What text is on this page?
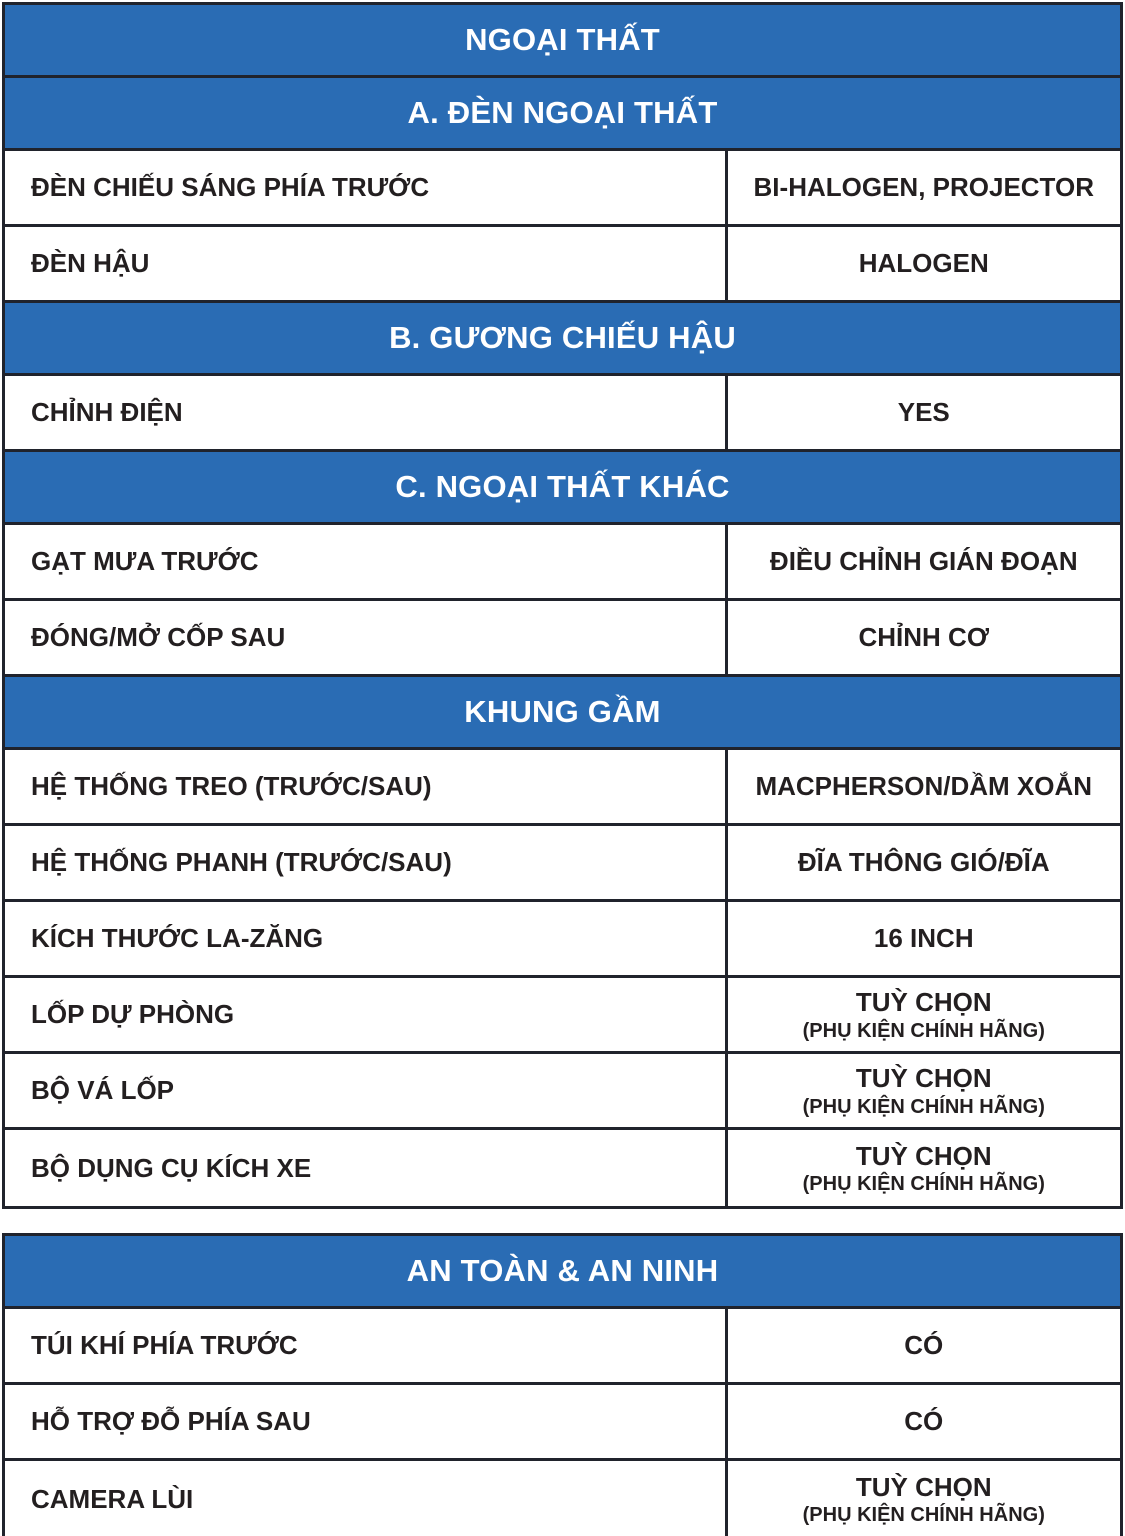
NGOẠI THẤT
A. ĐÈN NGOẠI THẤT
ĐÈN CHIẾU SÁNG PHÍA TRƯỚC	BI-HALOGEN, PROJECTOR
ĐÈN HẬU	HALOGEN
B. GƯƠNG CHIẾU HẬU
CHỈNH ĐIỆN	YES
C. NGOẠI THẤT KHÁC
GẠT MƯA TRƯỚC	ĐIỀU CHỈNH GIÁN ĐOẠN
ĐÓNG/MỞ CỐP SAU	CHỈNH CƠ
KHUNG GẦM
HỆ THỐNG TREO (TRƯỚC/SAU)	MACPHERSON/DẦM XOẮN
HỆ THỐNG PHANH (TRƯỚC/SAU)	ĐĨA THÔNG GIÓ/ĐĨA
KÍCH THƯỚC LA-ZĂNG	16 INCH
LỐP DỰ PHÒNG	TUỲ CHỌN
(PHỤ KIỆN CHÍNH HÃNG)
BỘ VÁ LỐP	TUỲ CHỌN
(PHỤ KIỆN CHÍNH HÃNG)
BỘ DỤNG CỤ KÍCH XE	TUỲ CHỌN
(PHỤ KIỆN CHÍNH HÃNG)
AN TOÀN & AN NINH
TÚI KHÍ PHÍA TRƯỚC	CÓ
HỖ TRỢ ĐỖ PHÍA SAU	CÓ
CAMERA LÙI	TUỲ CHỌN
(PHỤ KIỆN CHÍNH HÃNG)
